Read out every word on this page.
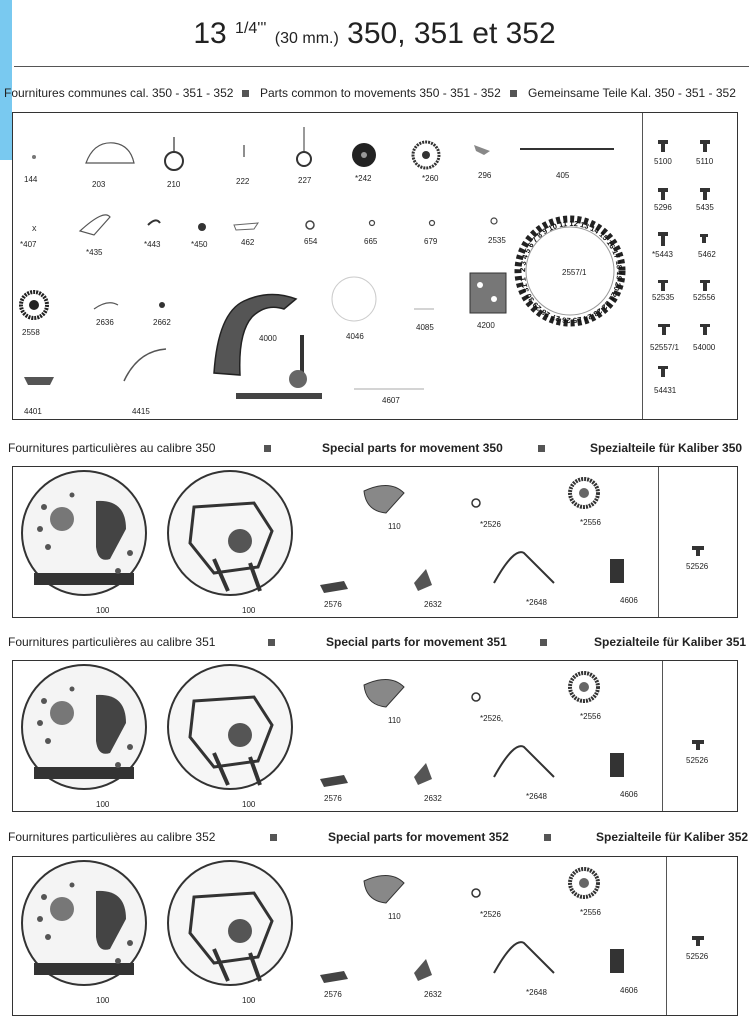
13 $^{1/4'''}$ (30 mm.) 350, 351 et 352
Fournitures communes cal. 350 - 351 - 352 Parts common to movements 350 - 351 - 352 Gemeinsame Teile Kal. 350 - 351 - 352
x
144
203	210	222	227	*242	*260	296	405
*407
*435
*443	*450	462	654	665	679	2535
2558
2636	2662
4000	4046
4085	4200
2557/1
4401	4415
4607
2 3 4 5 6 7 8 9 10 11 12 13 14 15 16 17 18 19 20 21 22 23 24 25 26 27 28 29 30 31 1
5100	5110
5296	5435
*5443	5462
52535 52556
52557/1 54000
54431
Fournitures particulières au calibre 350	Special parts for movement 350	Spezialteile für Kaliber 350
Fournitures particulières au calibre 351	Special parts for movement 351	Spezialteile für Kaliber 351
Fournitures particulières au calibre 352	Special parts for movement 352	Spezialteile für Kaliber 352
100	100
110	*2526	*2556
2576	2632	*2648	4606
52526
100	100
110	*2526,	*2556
2576	2632	*2648	4606
52526
100	100
110	*2526	*2556
2576	2632	*2648	4606
52526
